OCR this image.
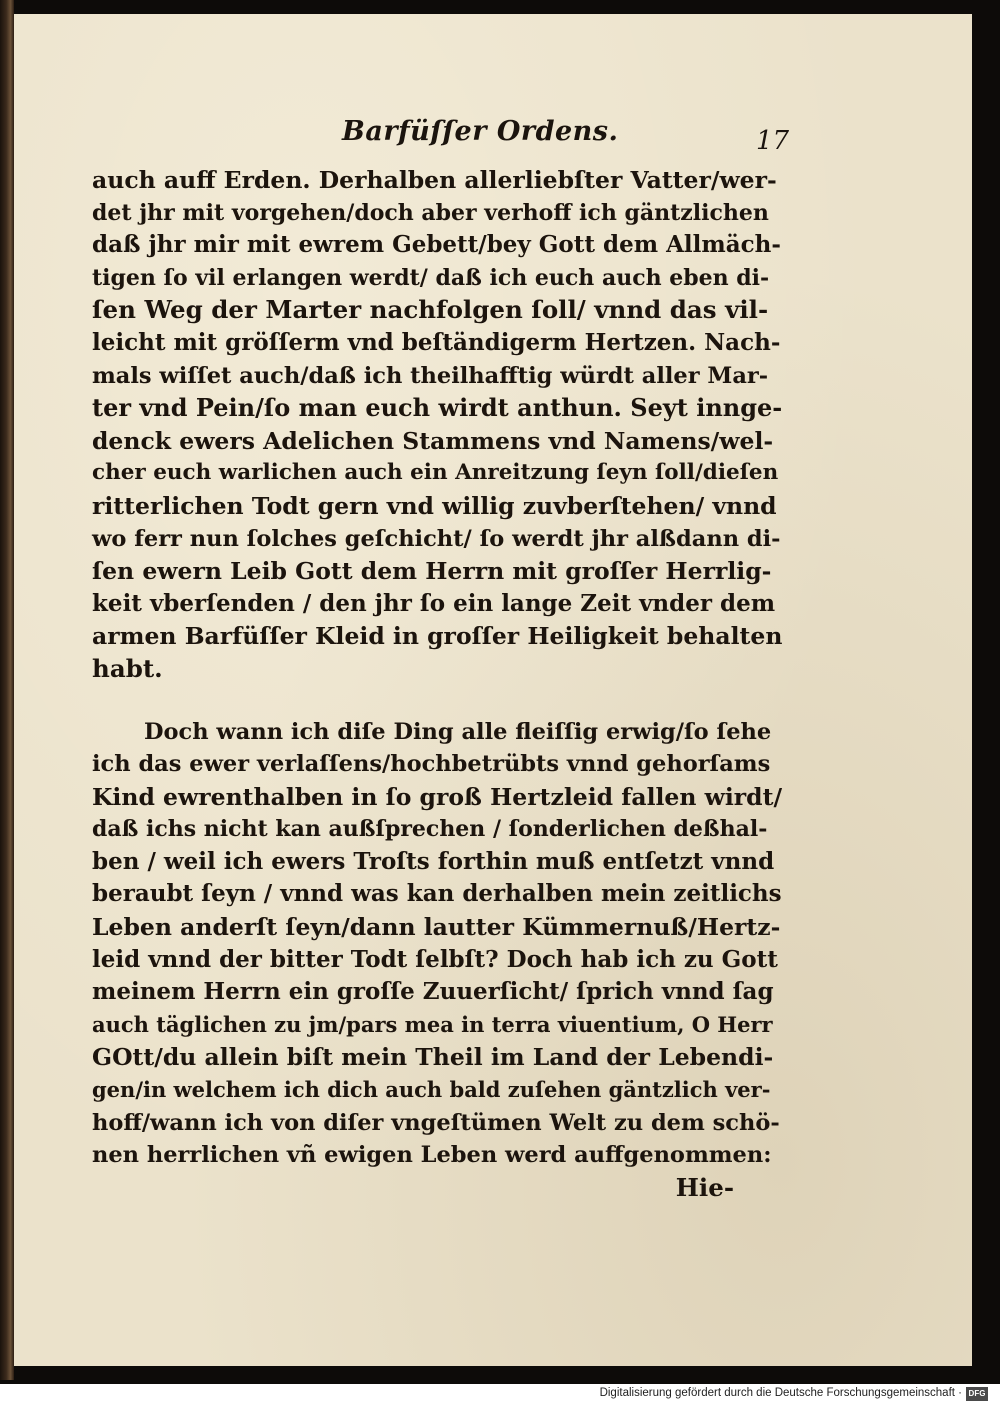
Barfüſſer Ordens.	17
auch auff Erden. Derhalben allerliebſter Vatter/wer-
det jhr mit vorgehen/doch aber verhoff ich gäntzlichen
daß jhr mir mit ewrem Gebett/bey Gott dem Allmäch-
tigen ſo vil erlangen werdt/ daß ich euch auch eben di-
ſen Weg der Marter nachfolgen ſoll/ vnnd das vil-
leicht mit gröſſerm vnd beſtändigerm Hertzen. Nach-
mals wiſſet auch/daß ich theilhafftig würdt aller Mar-
ter vnd Pein/ſo man euch wirdt anthun. Seyt innge-
denck ewers Adelichen Stammens vnd Namens/wel-
cher euch warlichen auch ein Anreitzung ſeyn ſoll/dieſen
ritterlichen Todt gern vnd willig zuvberſtehen/ vnnd
wo ferr nun ſolches geſchicht/ ſo werdt jhr alßdann di-
ſen ewern Leib Gott dem Herrn mit groſſer Herrlig-
keit vberſenden / den jhr ſo ein lange Zeit vnder dem
armen Barfüſſer Kleid in groſſer Heiligkeit behalten
habt.
Doch wann ich diſe Ding alle fleiſſig erwig/ſo ſehe
ich das ewer verlaſſens/hochbetrübts vnnd gehorſams
Kind ewrenthalben in ſo groß Hertzleid fallen wirdt/
daß ichs nicht kan außſprechen / ſonderlichen deßhal-
ben / weil ich ewers Troſts forthin muß entſetzt vnnd
beraubt ſeyn / vnnd was kan derhalben mein zeitlichs
Leben anderſt ſeyn/dann lautter Kümmernuß/Hertz-
leid vnnd der bitter Todt ſelbſt? Doch hab ich zu Gott
meinem Herrn ein groſſe Zuuerſicht/ ſprich vnnd ſag
auch täglichen zu jm/pars mea in terra viuentium, O Herr
GOtt/du allein biſt mein Theil im Land der Lebendi-
gen/in welchem ich dich auch bald zuſehen gäntzlich ver-
hoff/wann ich von diſer vngeſtümen Welt zu dem schö-
nen herrlichen vñ ewigen Leben werd auffgenommen:
Hie-
Digitalisierung gefördert durch die Deutsche Forschungsgemeinschaft · DFG
